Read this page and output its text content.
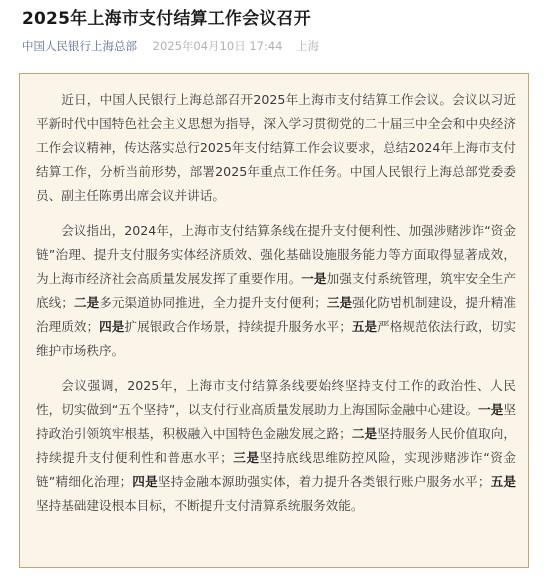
2025年上海市支付结算工作会议召开
中国人民银行上海总部 2025年04月10日 17:44 上海

近日，中国人民银行上海总部召开2025年上海市支付结算工作会议。会议以习近平新时代中国特色社会主义思想为指导，深入学习贯彻党的二十届三中全会和中央经济工作会议精神，传达落实总行2025年支付结算工作会议要求，总结2024年上海市支付结算工作，分析当前形势，部署2025年重点工作任务。中国人民银行上海总部党委委员、副主任陈勇出席会议并讲话。

会议指出，2024年，上海市支付结算条线在提升支付便利性、加强涉赌涉诈“资金链”治理、提升支付服务实体经济质效、强化基础设施服务能力等方面取得显著成效，为上海市经济社会高质量发展发挥了重要作用。一是加强支付系统管理，筑牢安全生产底线；二是多元渠道协同推进，全力提升支付便利；三是强化防범机制建设，提升精准治理质效；四是扩展银政合作场景，持续提升服务水平；五是严格规范依法行政，切实维护市场秩序。

会议强调，2025年，上海市支付结算条线要始终坚持支付工作的政治性、人民性，切实做到“五个坚持”，以支付行业高质量发展助力上海国际金融中心建设。一是坚持政治引领筑牢根基，积极融入中国特色金融发展之路；二是坚持服务人民价值取向，持续提升支付便利性和普惠水平；三是坚持底线思维防控风险，实现涉赌涉诈“资金链”精细化治理；四是坚持金融本源助强实体，着力提升各类银行账户服务水平；五是坚持基础建设根本目标，不断提升支付清算系统服务效能。
